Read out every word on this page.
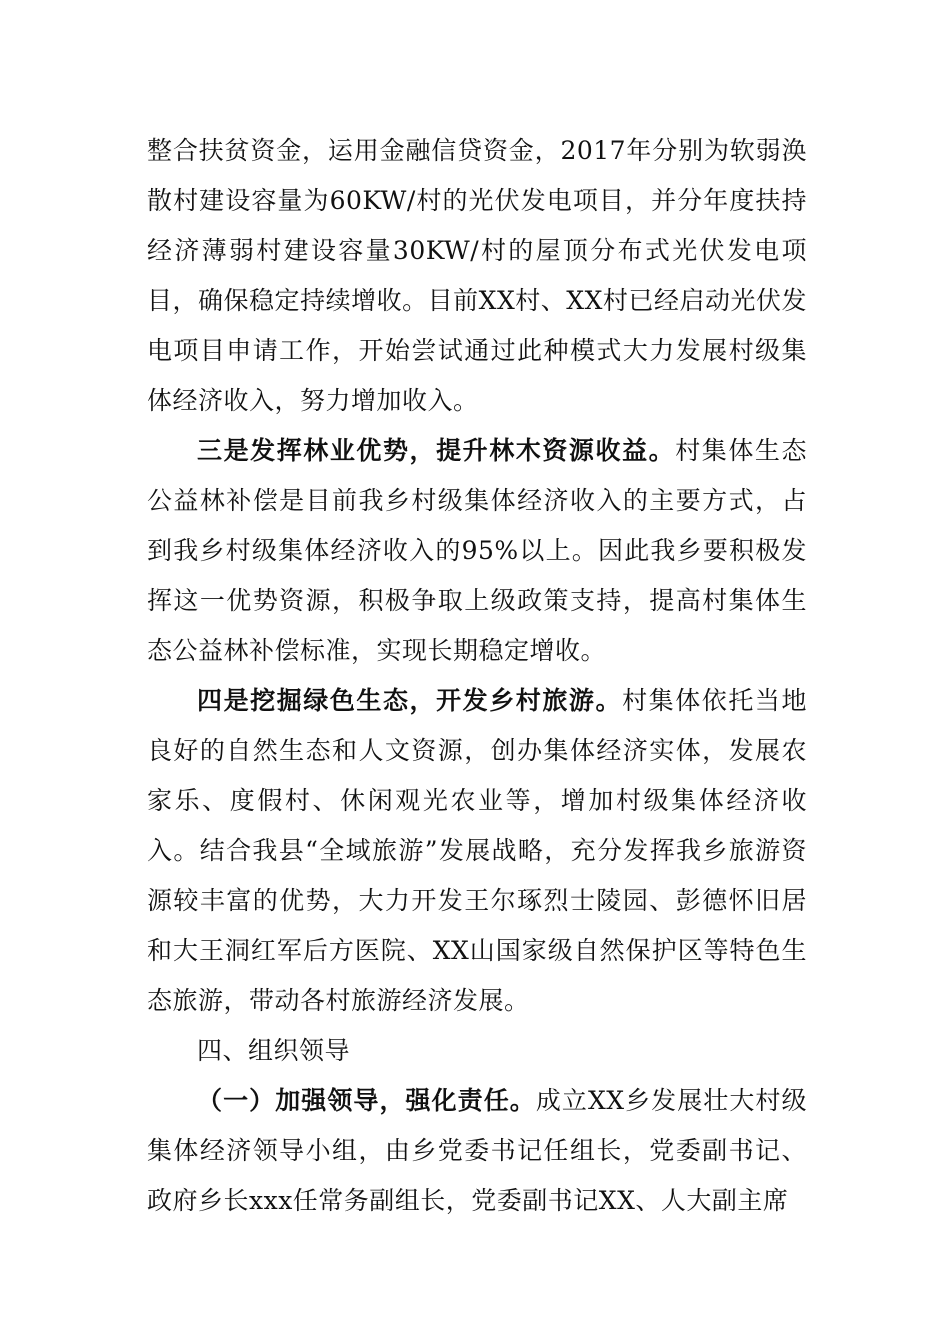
整合扶贫资金，运用金融信贷资金，2017年分别为软弱涣散村建设容量为60KW/村的光伏发电项目，并分年度扶持经济薄弱村建设容量30KW/村的屋顶分布式光伏发电项目，确保稳定持续增收。目前XX村、XX村已经启动光伏发电项目申请工作，开始尝试通过此种模式大力发展村级集体经济收入，努力增加收入。

三是发挥林业优势，提升林木资源收益。村集体生态公益林补偿是目前我乡村级集体经济收入的主要方式，占到我乡村级集体经济收入的95%以上。因此我乡要积极发挥这一优势资源，积极争取上级政策支持，提高村集体生态公益林补偿标准，实现长期稳定增收。

四是挖掘绿色生态，开发乡村旅游。村集体依托当地良好的自然生态和人文资源，创办集体经济实体，发展农家乐、度假村、休闲观光农业等，增加村级集体经济收入。结合我县“全域旅游”发展战略，充分发挥我乡旅游资源较丰富的优势，大力开发王尔琢烈士陵园、彭德怀旧居和大王洞红军后方医院、XX山国家级自然保护区等特色生态旅游，带动各村旅游经济发展。

四、组织领导

（一）加强领导，强化责任。成立XX乡发展壮大村级集体经济领导小组，由乡党委书记任组长，党委副书记、政府乡长xxx任常务副组长，党委副书记XX、人大副主席
